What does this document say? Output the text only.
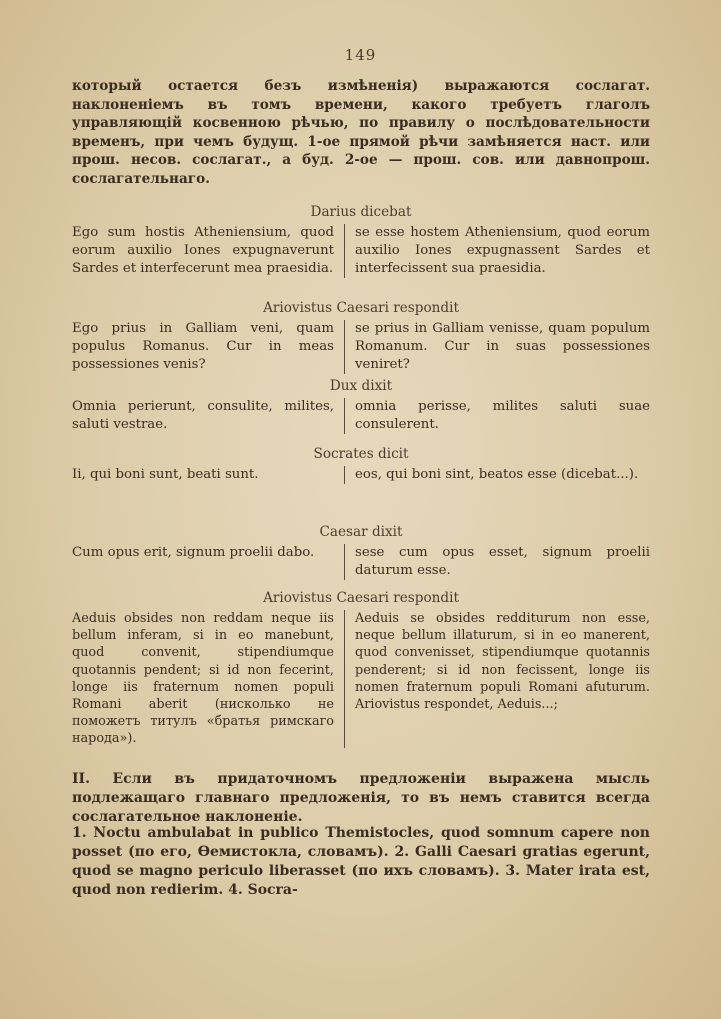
149
который остается безъ измѣненія) выражаются сослагат. наклоненіемъ въ томъ времени, какого требуетъ глаголъ управляющій косвенною рѣчью, по правилу о послѣдовательности временъ, при чемъ будущ. 1-ое прямой рѣчи замѣняется наст. или прош. несов. сослагат., а буд. 2-ое — прош. сов. или давнопрош. сослагательнаго.
Darius dicebat
Ego sum hostis Atheniensium, quod eorum auxilio Iones expugnaverunt Sardes et interfecerunt mea praesidia.
se esse hostem Atheniensium, quod eorum auxilio Iones expugnassent Sardes et interfecissent sua praesidia.
Ariovistus Caesari respondit
Ego prius in Galliam veni, quam populus Romanus. Cur in meas possessiones venis?
se prius in Galliam venisse, quam populum Romanum. Cur in suas possessiones veniret?
Dux dixit
Omnia perierunt, consulite, milites, saluti vestrae.
omnia perisse, milites saluti suae consulerent.
Socrates dicit
Ii, qui boni sunt, beati sunt.	eos, qui boni sint, beatos esse (dicebat...).
Caesar dixit
Cum opus erit, signum proelii dabo.	sese cum opus esset, signum proelii daturum esse.
Ariovistus Caesari respondit
Aeduis obsides non reddam neque iis bellum inferam, si in eo manebunt, quod convenit, stipendiumque quotannis pendent; si id non fecerint, longe iis fraternum nomen populi Romani aberit (нисколько не поможетъ титулъ «братья римскаго народа»).
Aeduis se obsides redditurum non esse, neque bellum illaturum, si in eo manerent, quod convenisset, stipendiumque quotannis penderent; si id non fecissent, longe iis nomen fraternum populi Romani afuturum. Ariovistus respondet, Aeduis...;
II. Если въ придаточномъ предложеніи выражена мысль подлежащаго главнаго предложенія, то въ немъ ставится всегда сослагательное наклоненіе.
1. Noctu ambulabat in publico Themistocles, quod somnum capere non posset (по его, Ѳемистокла, словамъ). 2. Galli Caesari gratias egerunt, quod se magno periculo liberasset (по ихъ словамъ). 3. Mater irata est, quod non redierim. 4. Socra-
